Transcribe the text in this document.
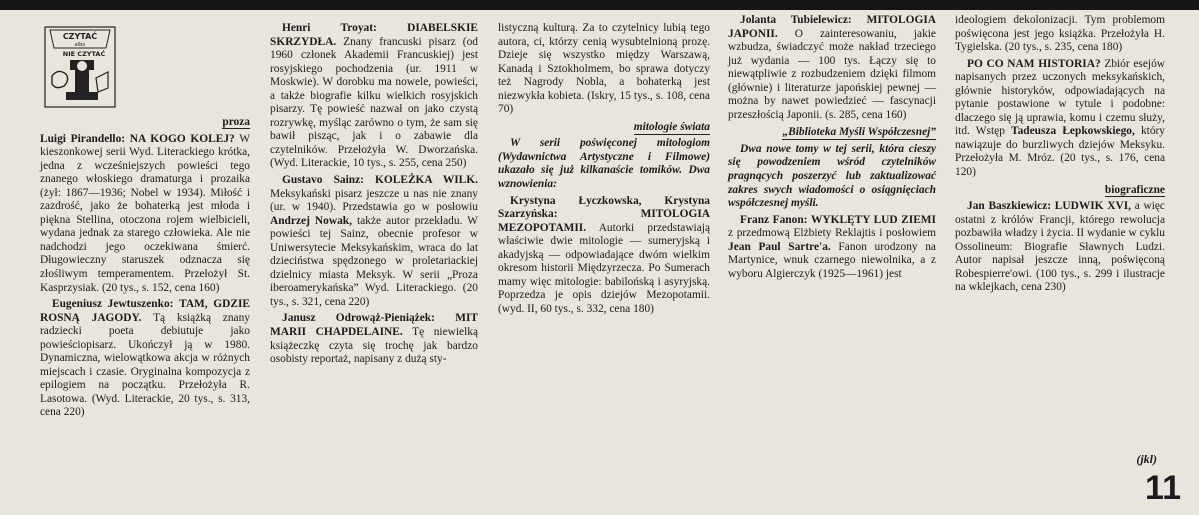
CZYTAĆ
albo
NIE CZYTAĆ
proza

Luigi Pirandello: NA KOGO KOLEJ? W kieszonkowej serii Wyd. Literackiego krótka, jedna z wcześniejszych powieści tego znanego włoskiego dramaturga i prozaika (żył: 1867—1936; Nobel w 1934). Miłość i zazdrość, jako że bohaterką jest młoda i piękna Stellina, otoczona rojem wielbicieli, wydana jednak za starego człowieka. Ale nie nadchodzi jego oczekiwana śmierć. Długowieczny staruszek odznacza się złośliwym temperamentem. Przełożył St. Kasprzysiak. (20 tys., s. 152, cena 160)

Eugeniusz Jewtuszenko: TAM, GDZIE ROSNĄ JAGODY. Tą książką znany radziecki poeta debiutuje jako powieściopisarz. Ukończył ją w 1980. Dynamiczna, wielowątkowa akcja w różnych miejscach i czasie. Oryginalna kompozycja z epilogiem na początku. Przełożyła R. Lasotowa. (Wyd. Literackie, 20 tys., s. 313, cena 220)

Henri Troyat:	DIABELSKIE SKRZYDŁA. Znany francuski pisarz (od 1960 członek Akademii Francuskiej) jest rosyjskiego pochodzenia (ur. 1911 w Moskwie). W dorobku ma nowele, powieści, a także biografie kilku wielkich rosyjskich pisarzy. Tę powieść nazwał on jako czystą rozrywkę, myśląc zarówno o tym, że sam się bawił pisząc, jak i o zabawie dla czytelników. Przełożyła W. Dworzańska. (Wyd. Literackie, 10 tys., s. 255, cena 250)

Gustavo Sainz: KOLEŻKA WILK. Meksykański pisarz jeszcze u nas nie znany (ur. w 1940). Przedstawia go w posłowiu Andrzej Nowak, także autor przekładu. W powieści tej Sainz, obecnie profesor w Uniwersytecie Meksykańskim, wraca do lat dzieciństwa spędzonego w proletariackiej dzielnicy miasta Meksyk. W serii „Proza iberoamerykańska” Wyd. Literackiego. (20 tys., s. 321, cena 220)

Janusz Odrowąż-Pieniążek: MIT MARII CHAPDELAINE. Tę niewielką książeczkę czyta się trochę jak bardzo osobisty reportaż, napisany z dużą sty-

listyczną kulturą. Za to czytelnicy lubią tego autora, ci, którzy cenią wysubtelnioną prozę. Dzieje się wszystko między Warszawą, Kanadą i Sztokholmem, bo sprawa dotyczy też Nagrody Nobla, a bohaterką jest niezwykła kobieta. (Iskry, 15 tys., s. 108, cena 70)

mitologie świata

W serii poświęconej mitologiom (Wydawnictwa Artystyczne i Filmowe) ukazało się już kilkanaście tomików. Dwa wznowienia:

Krystyna Łyczkowska, Krystyna Szarzyńska:	MITOLOGIA MEZOPOTAMII. Autorki przedstawiają właściwie dwie mitologie — sumeryjską i akadyjską — odpowiadające dwóm wielkim okresom historii Międzyrzecza. Po Sumerach mamy więc mitologie: babilońską i asyryjską. Poprzedza je opis dziejów Mezopotamii. (wyd. II, 60 tys., s. 332, cena 180)

Jolanta Tubielewicz: MITOLOGIA JAPONII. O zainteresowaniu, jakie wzbudza, świadczyć może nakład trzeciego już wydania — 100 tys. Łączy się to niewątpliwie z rozbudzeniem dzięki filmom (głównie) i literaturze japońskiej pewnej — można by nawet powiedzieć — fascynacji przeszłością Japonii. (s. 285, cena 160)

„Biblioteka Myśli Współczesnej”

Dwa nowe tomy w tej serii, która cieszy się powodzeniem wśród czytelników pragnących poszerzyć lub zaktualizować zakres swych wiadomości o osiągnięciach współczesnej myśli.

Franz Fanon: WYKLĘTY LUD ZIEMI z przedmową Elżbiety Reklajtis i posłowiem Jean Paul Sartre'a. Fanon urodzony na Martynice, wnuk czarnego niewolnika, a z wyboru Algierczyk (1925—1961) jest

ideologiem dekolonizacji. Tym problemom poświęcona jest jego książka. Przełożyła H. Tygielska. (20 tys., s. 235, cena 180)

PO CO NAM HISTORIA? Zbiór esejów napisanych przez uczonych meksykańskich, głównie historyków, odpowiadających na pytanie postawione w tytule i podobne: dlaczego się ją uprawia, komu i czemu służy, itd. Wstęp Tadeusza Łepkowskiego, który nawiązuje do burzliwych dziejów Meksyku. Przełożyła M. Mróz. (20 tys., s. 176, cena 120)

biograficzne

Jan Baszkiewicz: LUDWIK XVI, a więc ostatni z królów Francji, którego rewolucja pozbawiła władzy i życia. II wydanie w cyklu Ossolineum: Biografie Sławnych Ludzi. Autor napisał jeszcze inną, poświęconą Robespierre'owi. (100 tys., s. 299 i ilustracje na wklejkach, cena 230)

(jkl)
11
